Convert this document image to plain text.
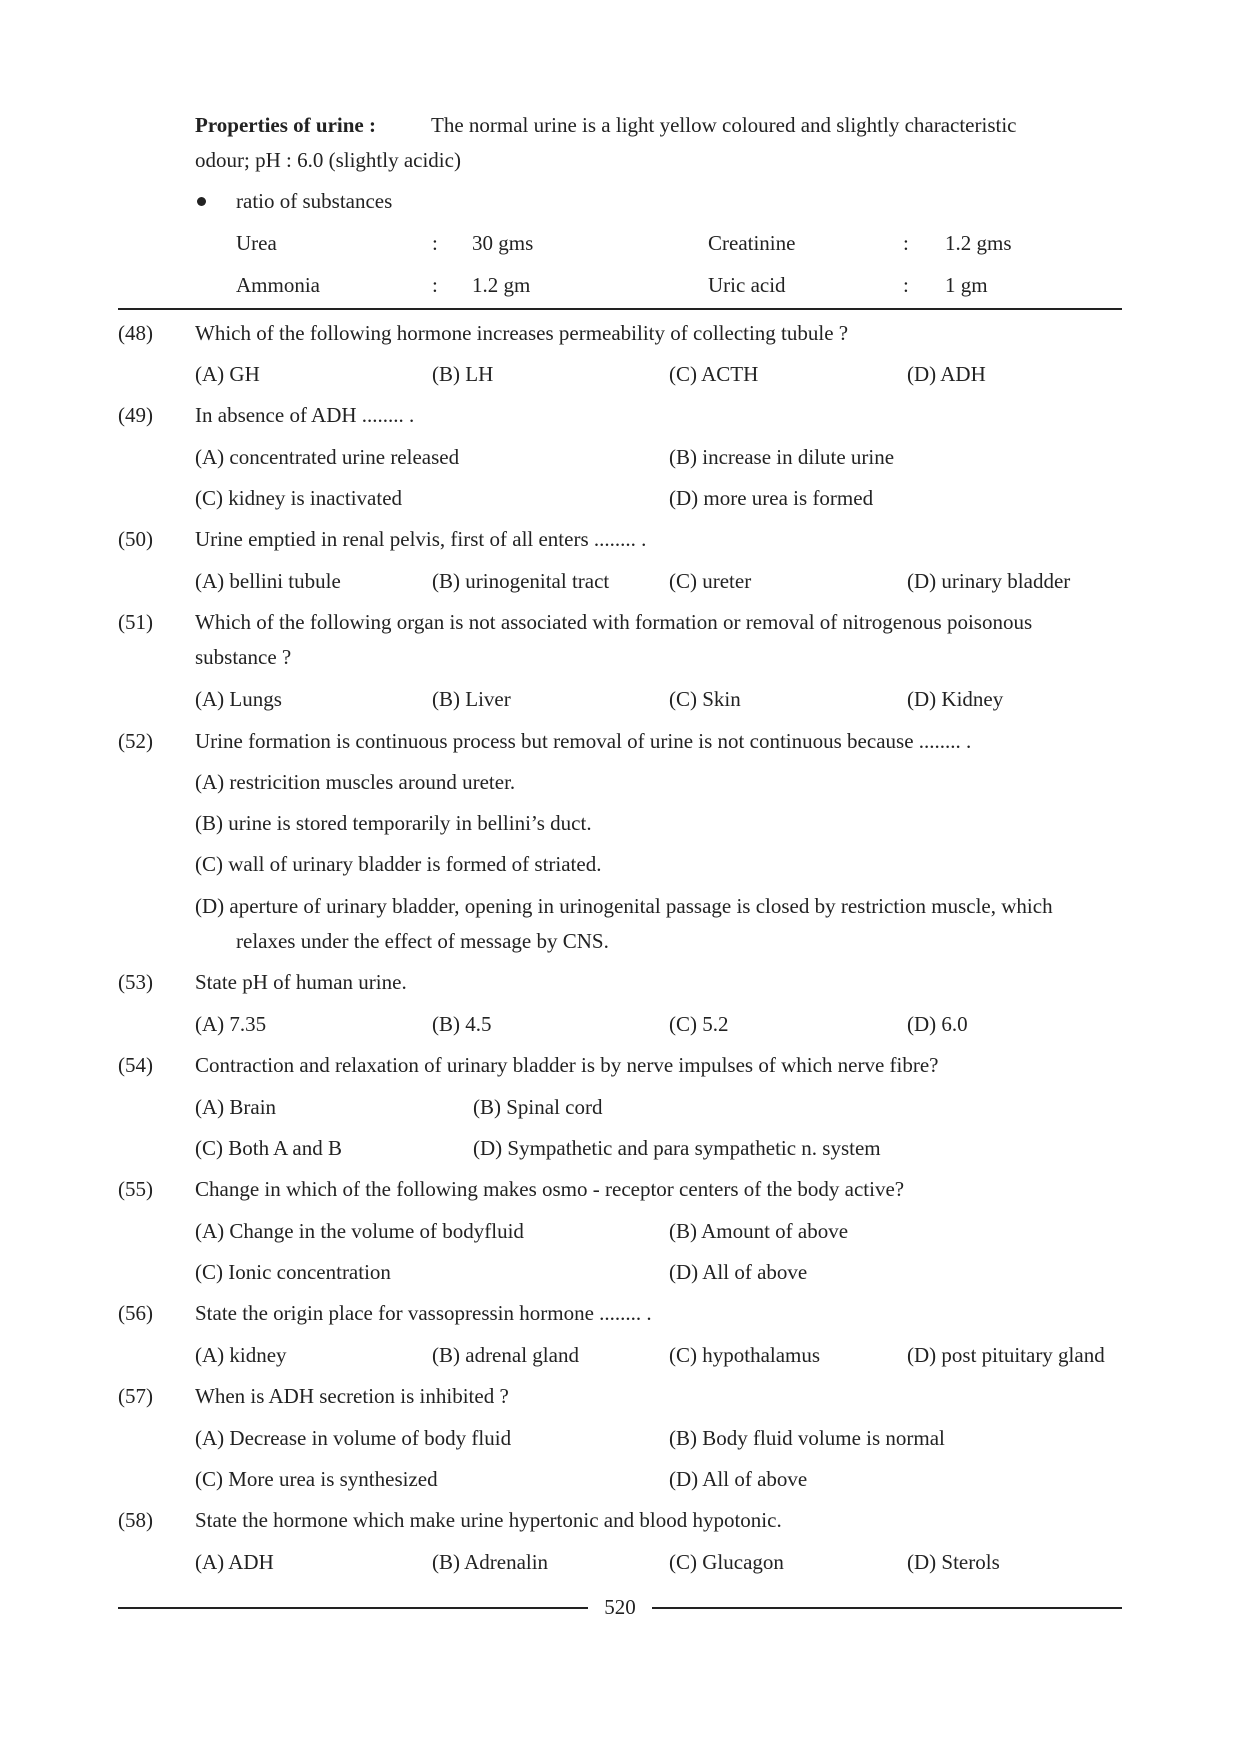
Properties of urine :	The normal urine is a light yellow coloured and slightly characteristic
odour; pH : 6.0 (slightly acidic)
ratio of substances
Urea	: 30 gms	Creatinine	: 1.2 gms
Ammonia	: 1.2 gm	Uric acid	: 1 gm
(48) Which of the following hormone increases permeability of collecting tubule ?
(A) GH	(B) LH	(C) ACTH	(D) ADH
(49) In absence of ADH ........ .
(A) concentrated urine released	(B) increase in dilute urine
(C) kidney is inactivated	(D) more urea is formed
(50) Urine emptied in renal pelvis, first of all enters ........ .
(A) bellini tubule	(B) urinogenital tract	(C) ureter	(D) urinary bladder
(51) Which of the following organ is not associated with formation or removal of nitrogenous poisonous
substance ?
(A) Lungs	(B) Liver	(C) Skin	(D) Kidney
(52) Urine formation is continuous process but removal of urine is not continuous because ........ .
(A) restricition muscles around ureter.
(B) urine is stored temporarily in bellini’s duct.
(C) wall of urinary bladder is formed of striated.
(D) aperture of urinary bladder, opening in urinogenital passage is closed by restriction muscle, which
relaxes under the effect of message by CNS.
(53) State pH of human urine.
(A) 7.35	(B) 4.5	(C) 5.2	(D) 6.0
(54) Contraction and relaxation of urinary bladder is by nerve impulses of which nerve fibre?
(A) Brain	(B) Spinal cord
(C) Both A and B	(D) Sympathetic and para sympathetic n. system
(55) Change in which of the following makes osmo - receptor centers of the body active?
(A) Change in the volume of bodyfluid	(B) Amount of above
(C) Ionic concentration	(D) All of above
(56) State the origin place for vassopressin hormone ........ .
(A) kidney	(B) adrenal gland	(C) hypothalamus	(D) post pituitary gland
(57) When is ADH secretion is inhibited ?
(A) Decrease in volume of body fluid	(B) Body fluid volume is normal
(C) More urea is synthesized	(D) All of above
(58) State the hormone which make urine hypertonic and blood hypotonic.
(A) ADH	(B) Adrenalin	(C) Glucagon	(D) Sterols
520
